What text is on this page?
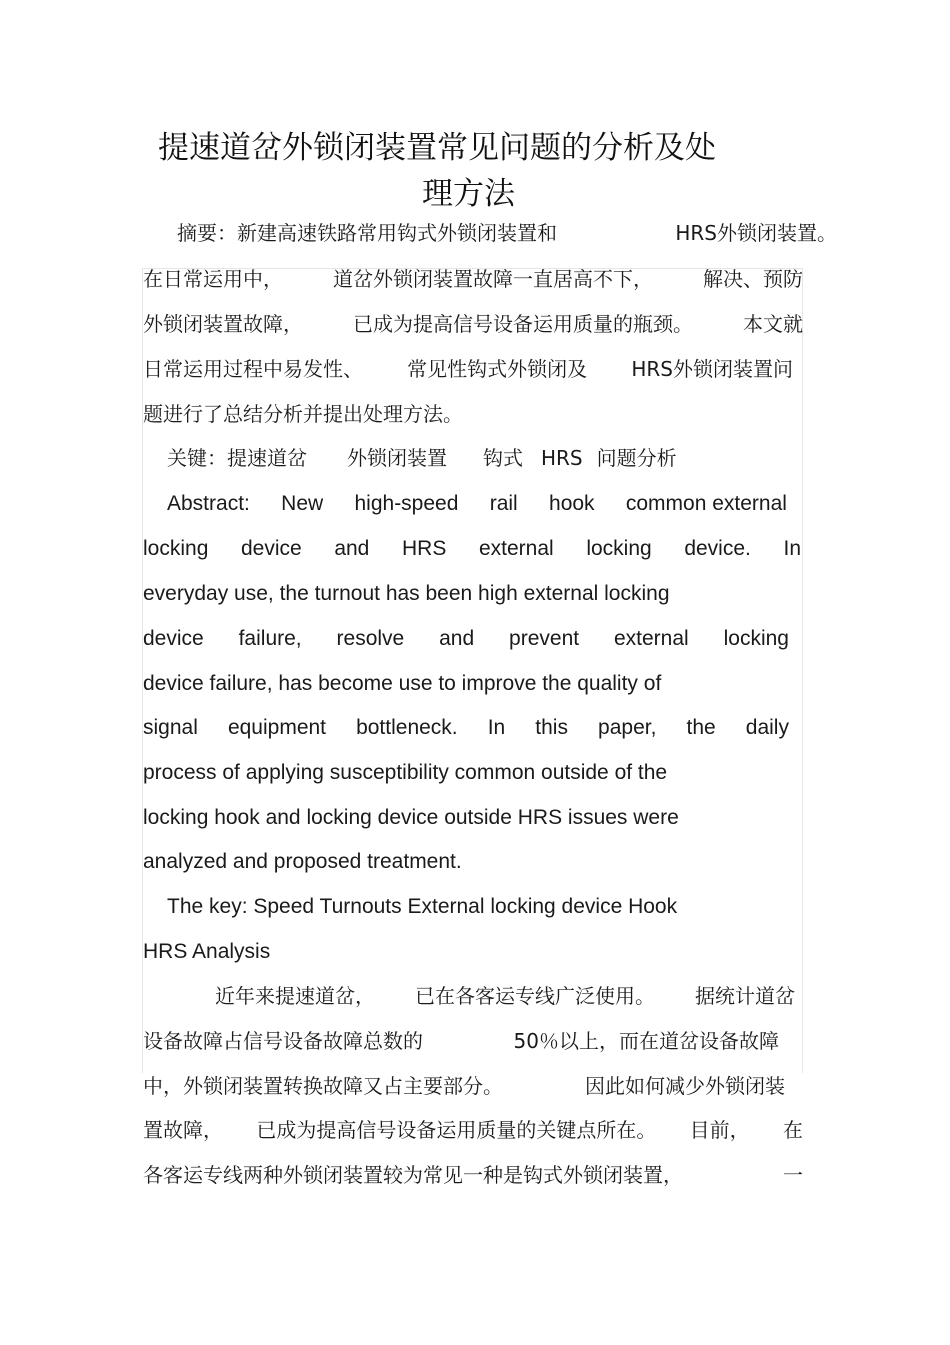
提速道岔外锁闭装置常见问题的分析及处
理方法
摘要：新建高速铁路常用钩式外锁闭装置和	HRS外锁闭装置。
在日常运用中，	道岔外锁闭装置故障一直居高不下，	解决、预防
外锁闭装置故障，	已成为提高信号设备运用质量的瓶颈。	本文就
日常运用过程中易发性、 常见性钩式外锁闭及 HRS外锁闭装置问
题进行了总结分析并提出处理方法。
关键：提速道岔 外锁闭装置 钩式 HRS 问题分析
Abstract: New high-speed rail hook common external
locking device and HRS external locking device. In
everyday use, the turnout has been high external locking
device failure, resolve and prevent external locking
device failure, has become use to improve the quality of
signal equipment bottleneck. In this paper, the daily
process of applying susceptibility common outside of the
locking hook and locking device outside HRS issues were
analyzed and proposed treatment.
The key: Speed Turnouts External locking device Hook
HRS Analysis
近年来提速道岔， 已在各客运专线广泛使用。 据统计道岔
设备故障占信号设备故障总数的	50％以上，而在道岔设备故障
中，外锁闭装置转换故障又占主要部分。	因此如何减少外锁闭装
置故障， 已成为提高信号设备运用质量的关键点所在。 目前， 在
各客运专线两种外锁闭装置较为常见一种是钩式外锁闭装置，	一
